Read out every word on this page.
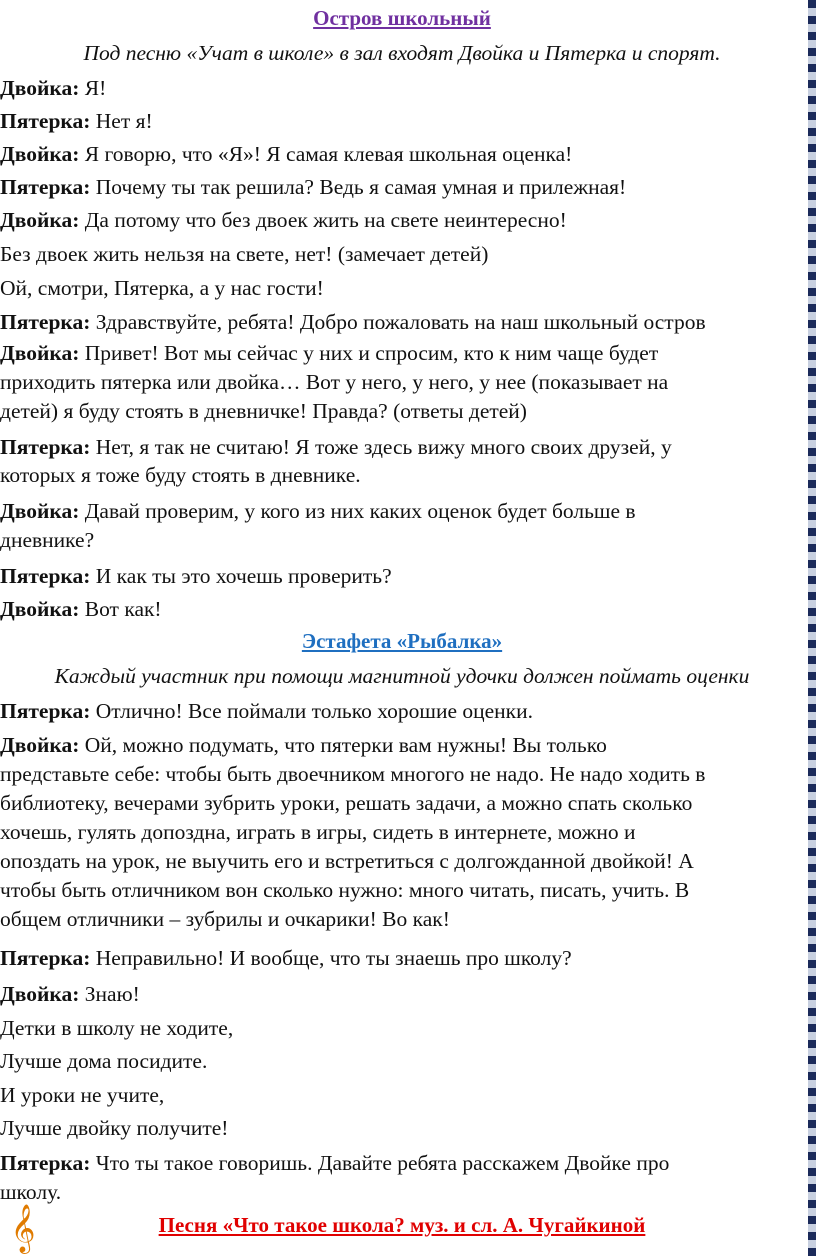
Остров школьный
Под песню «Учат в школе» в зал входят Двойка и Пятерка и спорят.
Двойка: Я!
Пятерка: Нет я!
Двойка: Я говорю, что «Я»! Я самая клевая школьная оценка!
Пятерка: Почему ты так решила? Ведь я самая умная и прилежная!
Двойка: Да потому что без двоек жить на свете неинтересно!
Без двоек жить нельзя на свете, нет! (замечает детей)
Ой, смотри, Пятерка, а у нас гости!
Пятерка: Здравствуйте, ребята! Добро пожаловать на наш школьный остров
Двойка: Привет! Вот мы сейчас у них и спросим, кто к ним чаще будет
приходить пятерка или двойка… Вот у него, у него, у нее (показывает на
детей) я буду стоять в дневничке! Правда? (ответы детей)
Пятерка: Нет, я так не считаю! Я тоже здесь вижу много своих друзей, у
которых я тоже буду стоять в дневнике.
Двойка: Давай проверим, у кого из них каких оценок будет больше в
дневнике?
Пятерка: И как ты это хочешь проверить?
Двойка: Вот как!
Эстафета «Рыбалка»
Каждый участник при помощи магнитной удочки должен поймать оценки
Пятерка: Отлично! Все поймали только хорошие оценки.
Двойка: Ой, можно подумать, что пятерки вам нужны! Вы только
представьте себе: чтобы быть двоечником многого не надо. Не надо ходить в
библиотеку, вечерами зубрить уроки, решать задачи, а можно спать сколько
хочешь, гулять допоздна, играть в игры, сидеть в интернете, можно и
опоздать на урок, не выучить его и встретиться с долгожданной двойкой! А
чтобы быть отличником вон сколько нужно: много читать, писать, учить. В
общем отличники – зубрилы и очкарики! Во как!
Пятерка: Неправильно! И вообще, что ты знаешь про школу?
Двойка: Знаю!
Детки в школу не ходите,
Лучше дома посидите.
И уроки не учите,
Лучше двойку получите!
Пятерка: Что ты такое говоришь. Давайте ребята расскажем Двойке про
школу.
Песня «Что такое школа? муз. и сл. А. Чугайкиной
𝄞
